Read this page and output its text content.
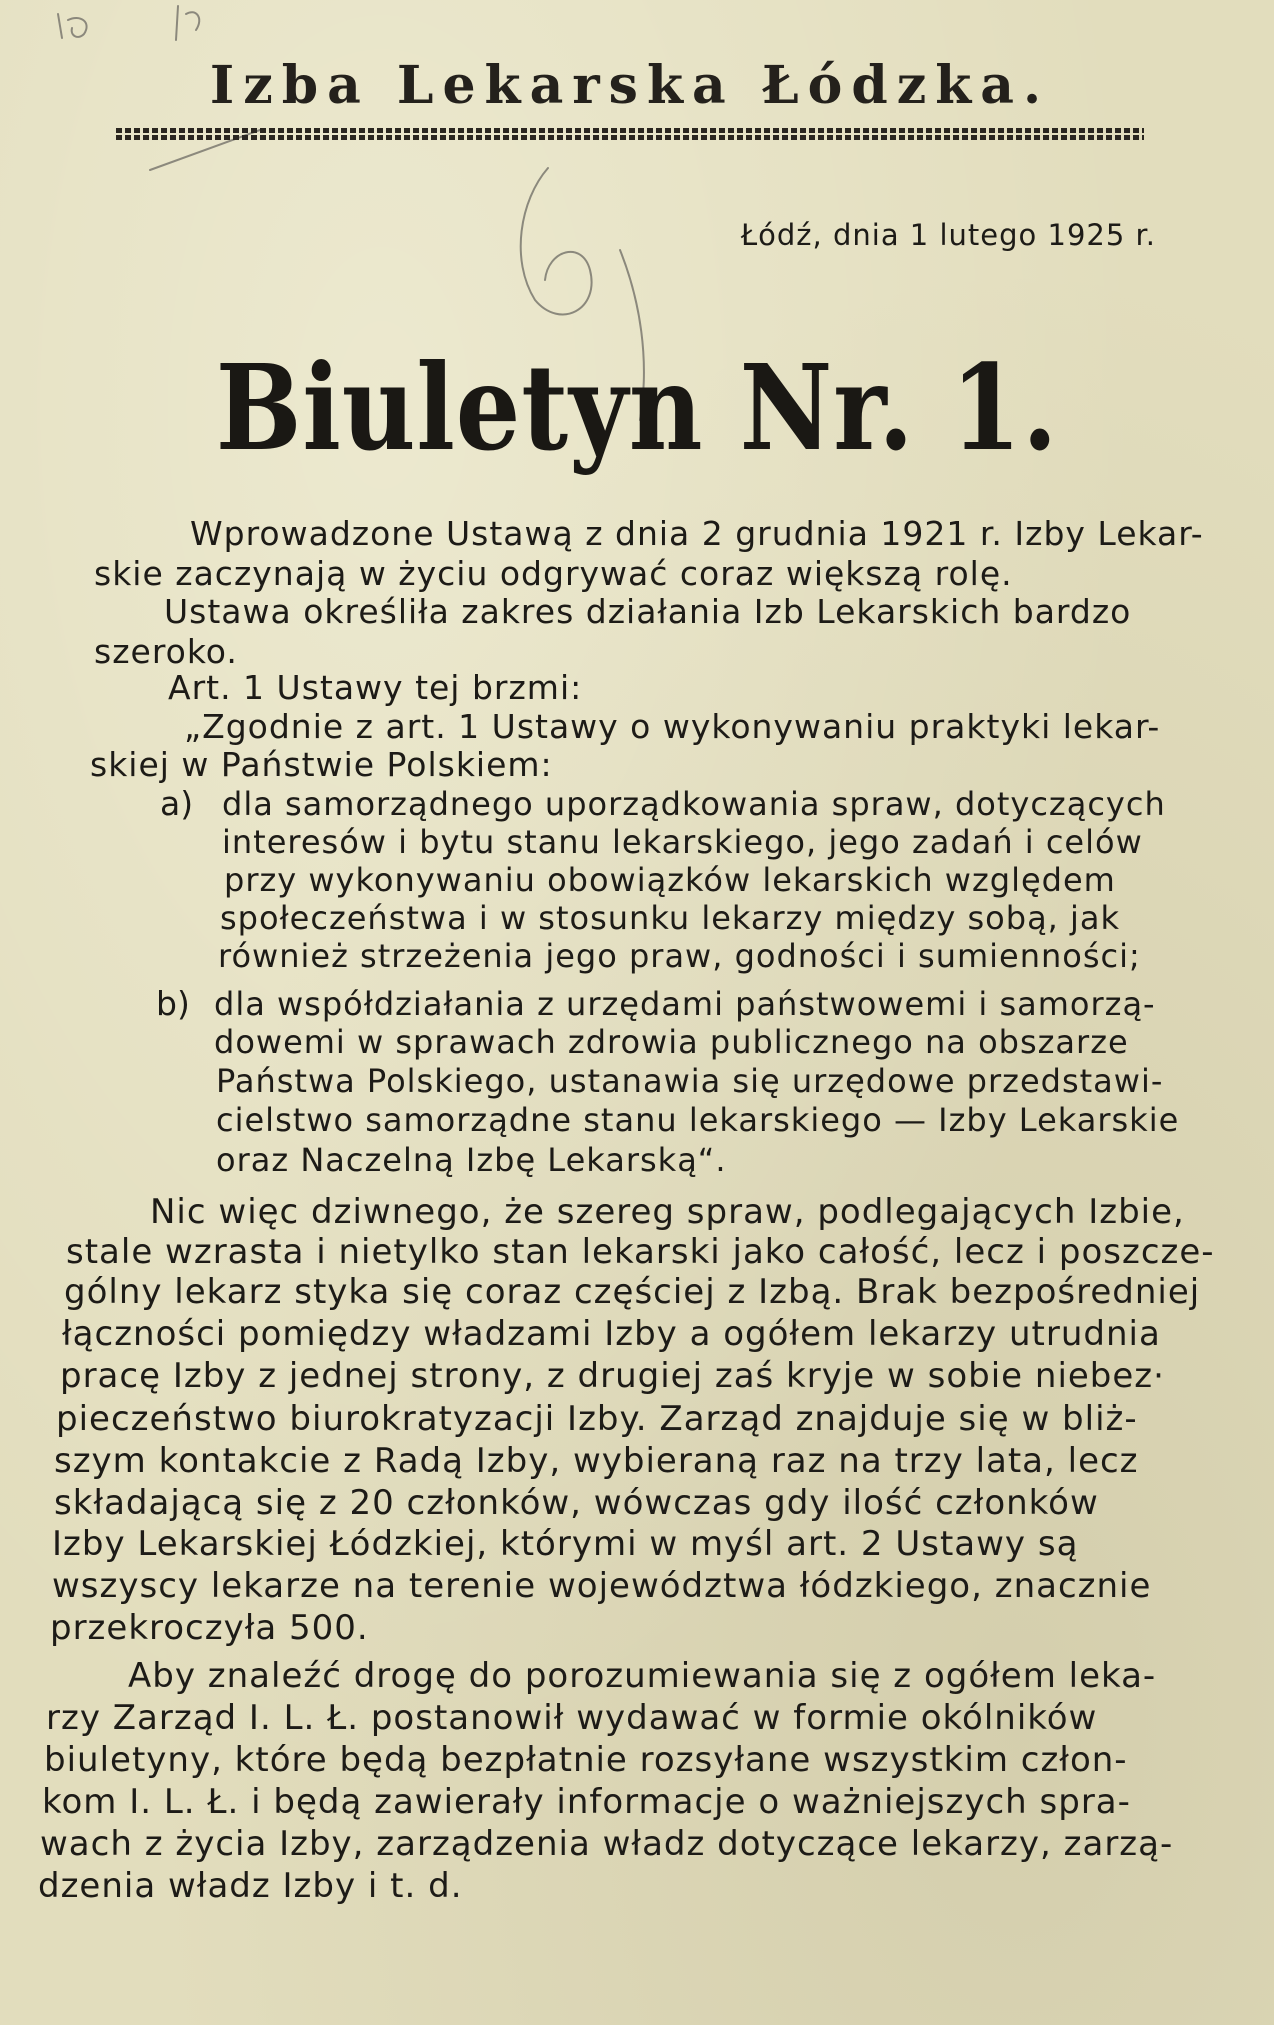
Izba Lekarska Łódzka.
Łódź, dnia 1 lutego 1925 r.
Biuletyn Nr. 1.
Wprowadzone Ustawą z dnia 2 grudnia 1921 r. Izby Lekar-
skie zaczynają w życiu odgrywać coraz większą rolę.
Ustawa określiła zakres działania Izb Lekarskich bardzo
szeroko.
Art. 1 Ustawy tej brzmi:
„Zgodnie z art. 1 Ustawy o wykonywaniu praktyki lekar-
skiej w Państwie Polskiem:
a) dla samorządnego uporządkowania spraw, dotyczących
interesów i bytu stanu lekarskiego, jego zadań i celów
przy wykonywaniu obowiązków lekarskich względem
społeczeństwa i w stosunku lekarzy między sobą, jak
również strzeżenia jego praw, godności i sumienności;
b) dla współdziałania z urzędami państwowemi i samorzą-
dowemi w sprawach zdrowia publicznego na obszarze
Państwa Polskiego, ustanawia się urzędowe przedstawi-
cielstwo samorządne stanu lekarskiego — Izby Lekarskie
oraz Naczelną Izbę Lekarską“.
Nic więc dziwnego, że szereg spraw, podlegających Izbie,
stale wzrasta i nietylko stan lekarski jako całość, lecz i poszcze-
gólny lekarz styka się coraz częściej z Izbą. Brak bezpośredniej
łączności pomiędzy władzami Izby a ogółem lekarzy utrudnia
pracę Izby z jednej strony, z drugiej zaś kryje w sobie niebez·
pieczeństwo biurokratyzacji Izby. Zarząd znajduje się w bliż-
szym kontakcie z Radą Izby, wybieraną raz na trzy lata, lecz
składającą się z 20 członków, wówczas gdy ilość członków
Izby Lekarskiej Łódzkiej, którymi w myśl art. 2 Ustawy są
wszyscy lekarze na terenie województwa łódzkiego, znacznie
przekroczyła 500.
Aby znaleźć drogę do porozumiewania się z ogółem leka-
rzy Zarząd I. L. Ł. postanowił wydawać w formie okólników
biuletyny, które będą bezpłatnie rozsyłane wszystkim człon-
kom I. L. Ł. i będą zawierały informacje o ważniejszych spra-
wach z życia Izby, zarządzenia władz dotyczące lekarzy, zarzą-
dzenia władz Izby i t. d.
